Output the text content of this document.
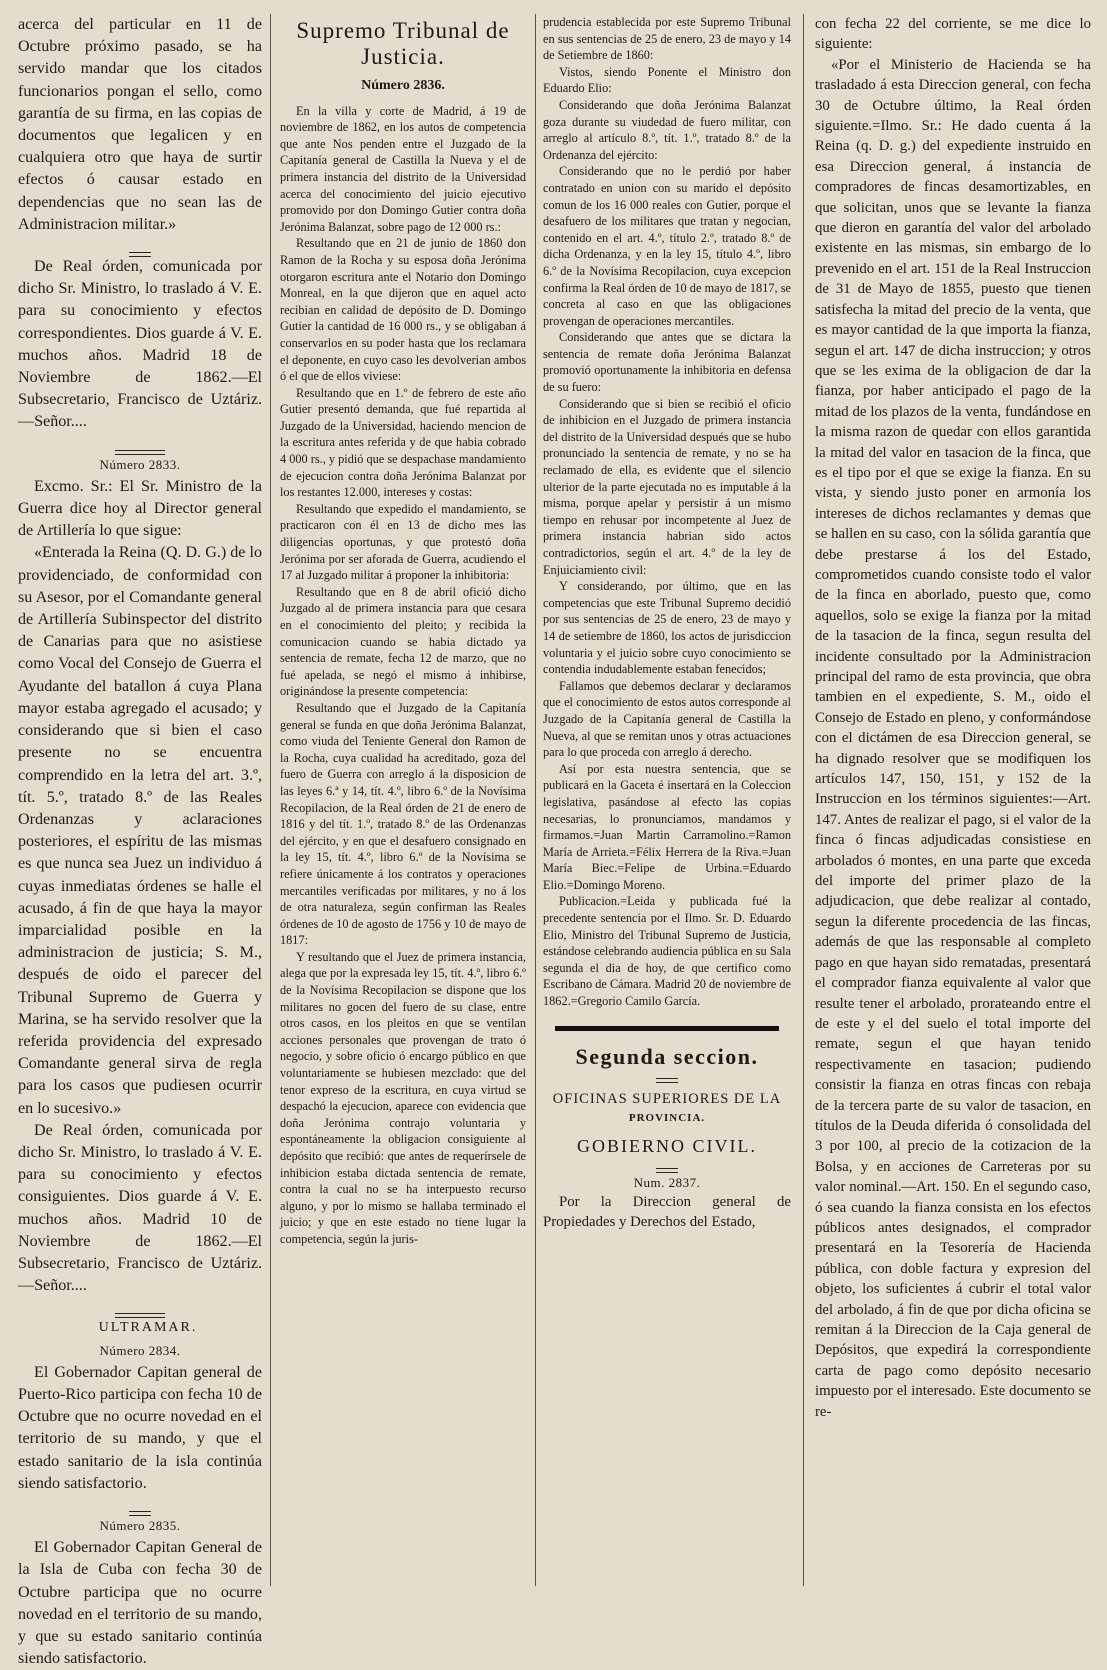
acerca del particular en 11 de Octubre próximo pasado, se ha servido mandar que los citados funcionarios pongan el sello, como garantía de su firma, en las copias de documentos que legalicen y en cualquiera otro que haya de surtir efectos ó causar estado en dependencias que no sean las de Administracion militar.»

De Real órden, comunicada por dicho Sr. Ministro, lo traslado á V. E. para su conocimiento y efectos correspondientes. Dios guarde á V. E. muchos años. Madrid 18 de Noviembre de 1862.—El Subsecretario, Francisco de Uztáriz.—Señor....

Número 2833.

Excmo. Sr.: El Sr. Ministro de la Guerra dice hoy al Director general de Artillería lo que sigue:

«Enterada la Reina (Q. D. G.) de lo providenciado, de conformidad con su Asesor, por el Comandante general de Artillería Subinspector del distrito de Canarias para que no asistiese como Vocal del Consejo de Guerra el Ayudante del batallon á cuya Plana mayor estaba agregado el acusado; y considerando que si bien el caso presente no se encuentra comprendido en la letra del art. 3.º, tít. 5.º, tratado 8.º de las Reales Ordenanzas y aclaraciones posteriores, el espíritu de las mismas es que nunca sea Juez un individuo á cuyas inmediatas órdenes se halle el acusado, á fin de que haya la mayor imparcialidad posible en la administracion de justicia; S. M., después de oido el parecer del Tribunal Supremo de Guerra y Marina, se ha servido resolver que la referida providencia del expresado Comandante general sirva de regla para los casos que pudiesen ocurrir en lo sucesivo.»

De Real órden, comunicada por dicho Sr. Ministro, lo traslado á V. E. para su conocimiento y efectos consiguientes. Dios guarde á V. E. muchos años. Madrid 10 de Noviembre de 1862.—El Subsecretario, Francisco de Uztáriz.—Señor....

ULTRAMAR.

Número 2834.

El Gobernador Capitan general de Puerto-Rico participa con fecha 10 de Octubre que no ocurre novedad en el territorio de su mando, y que el estado sanitario de la isla continúa siendo satisfactorio.

Número 2835.

El Gobernador Capitan General de la Isla de Cuba con fecha 30 de Octubre participa que no ocurre novedad en el territorio de su mando, y que su estado sanitario continúa siendo satisfactorio.

Supremo Tribunal de Justicia.
Número 2836.

En la villa y corte de Madrid, á 19 de noviembre de 1862, en los autos de competencia que ante Nos penden entre el Juzgado de la Capitanía general de Castilla la Nueva y el de primera instancia del distrito de la Universidad acerca del conocimiento del juicio ejecutivo promovido por don Domingo Gutier contra doña Jerónima Balanzat, sobre pago de 12 000 rs.:

Resultando que en 21 de junio de 1860 don Ramon de la Rocha y su esposa doña Jerónima otorgaron escritura ante el Notario don Domingo Monreal, en la que dijeron que en aquel acto recibian en calidad de depósito de D. Domingo Gutier la cantidad de 16 000 rs., y se obligaban á conservarlos en su poder hasta que los reclamara el deponente, en cuyo caso les devolverian ambos ó el que de ellos viviese:

Resultando que en 1.º de febrero de este año Gutier presentó demanda, que fué repartida al Juzgado de la Universidad, haciendo mencion de la escritura antes referida y de que habia cobrado 4 000 rs., y pidió que se despachase mandamiento de ejecucion contra doña Jerónima Balanzat por los restantes 12.000, intereses y costas:

Resultando que expedido el mandamiento, se practicaron con él en 13 de dicho mes las diligencias oportunas, y que protestó doña Jerónima por ser aforada de Guerra, acudiendo el 17 al Juzgado militar á proponer la inhibitoria:

Resultando que en 8 de abril ofició dicho Juzgado al de primera instancia para que cesara en el conocimiento del pleito; y recibida la comunicacion cuando se habia dictado ya sentencia de remate, fecha 12 de marzo, que no fué apelada, se negó el mismo á inhibirse, originándose la presente competencia:

Resultando que el Juzgado de la Capitanía general se funda en que doña Jerónima Balanzat, como viuda del Teniente General don Ramon de la Rocha, cuya cualidad ha acreditado, goza del fuero de Guerra con arreglo á la disposicion de las leyes 6.ª y 14, tít. 4.º, libro 6.º de la Novísima Recopilacion, de la Real órden de 21 de enero de 1816 y del tít. 1.º, tratado 8.º de las Ordenanzas del ejército, y en que el desafuero consignado en la ley 15, tít. 4.º, libro 6.º de la Novísima se refiere únicamente á los contratos y operaciones mercantiles verificadas por militares, y no á los de otra naturaleza, según confirman las Reales órdenes de 10 de agosto de 1756 y 10 de mayo de 1817:

Y resultando que el Juez de primera instancia, alega que por la expresada ley 15, tít. 4.º, libro 6.º de la Novísima Recopilacion se dispone que los militares no gocen del fuero de su clase, entre otros casos, en los pleitos en que se ventilan acciones personales que provengan de trato ó negocio, y sobre oficio ó encargo público en que voluntariamente se hubiesen mezclado: que del tenor expreso de la escritura, en cuya virtud se despachó la ejecucion, aparece con evidencia que doña Jerónima contrajo voluntaria y espontáneamente la obligacion consiguiente al depósito que recibió: que antes de requerírsele de inhibicion estaba dictada sentencia de remate, contra la cual no se ha interpuesto recurso alguno, y por lo mismo se hallaba terminado el juicio; y que en este estado no tiene lugar la competencia, según la juris-

prudencia establecida por este Supremo Tribunal en sus sentencias de 25 de enero, 23 de mayo y 14 de Setiembre de 1860:

Vistos, siendo Ponente el Ministro don Eduardo Elio:

Considerando que doña Jerónima Balanzat goza durante su viudedad de fuero militar, con arreglo al artículo 8.º, tít. 1.º, tratado 8.º de la Ordenanza del ejército:

Considerando que no le perdió por haber contratado en union con su marido el depósito comun de los 16 000 reales con Gutier, porque el desafuero de los militares que tratan y negocian, contenido en el art. 4.º, título 2.º, tratado 8.º de dicha Ordenanza, y en la ley 15, título 4.º, libro 6.º de la Novísima Recopilacion, cuya excepcion confirma la Real órden de 10 de mayo de 1817, se concreta al caso en que las obligaciones provengan de operaciones mercantiles.

Considerando que antes que se dictara la sentencia de remate doña Jerónima Balanzat promovió oportunamente la inhibitoria en defensa de su fuero:

Considerando que si bien se recibió el oficio de inhibicion en el Juzgado de primera instancia del distrito de la Universidad después que se hubo pronunciado la sentencia de remate, y no se ha reclamado de ella, es evidente que el silencio ulterior de la parte ejecutada no es imputable á la misma, porque apelar y persistir á un mismo tiempo en rehusar por incompetente al Juez de primera instancia habrian sido actos contradictorios, según el art. 4.º de la ley de Enjuiciamiento civil:

Y considerando, por último, que en las competencias que este Tribunal Supremo decidió por sus sentencias de 25 de enero, 23 de mayo y 14 de setiembre de 1860, los actos de jurisdiccion voluntaria y el juicio sobre cuyo conocimiento se contendia indudablemente estaban fenecidos;

Fallamos que debemos declarar y declaramos que el conocimiento de estos autos corresponde al Juzgado de la Capitanía general de Castilla la Nueva, al que se remitan unos y otras actuaciones para lo que proceda con arreglo á derecho.

Así por esta nuestra sentencia, que se publicará en la Gaceta é insertará en la Coleccion legislativa, pasándose al efecto las copias necesarias, lo pronunciamos, mandamos y firmamos.=Juan Martin Carramolino.=Ramon María de Arrieta.=Félix Herrera de la Riva.=Juan María Biec.=Felipe de Urbina.=Eduardo Elio.=Domingo Moreno.

Publicacion.=Leida y publicada fué la precedente sentencia por el Ilmo. Sr. D. Eduardo Elio, Ministro del Tribunal Supremo de Justicia, estándose celebrando audiencia pública en su Sala segunda el dia de hoy, de que certifico como Escribano de Cámara. Madrid 20 de noviembre de 1862.=Gregorio Camilo García.

Segunda seccion.
OFICINAS SUPERIORES DE LA
PROVINCIA.
GOBIERNO CIVIL.

Num. 2837.

Por la Direccion general de Propiedades y Derechos del Estado,

con fecha 22 del corriente, se me dice lo siguiente:

«Por el Ministerio de Hacienda se ha trasladado á esta Direccion general, con fecha 30 de Octubre último, la Real órden siguiente.=Ilmo. Sr.: He dado cuenta á la Reina (q. D. g.) del expediente instruido en esa Direccion general, á instancia de compradores de fincas desamortizables, en que solicitan, unos que se levante la fianza que dieron en garantía del valor del arbolado existente en las mismas, sin embargo de lo prevenido en el art. 151 de la Real Instruccion de 31 de Mayo de 1855, puesto que tienen satisfecha la mitad del precio de la venta, que es mayor cantidad de la que importa la fianza, segun el art. 147 de dicha instruccion; y otros que se les exima de la obligacion de dar la fianza, por haber anticipado el pago de la mitad de los plazos de la venta, fundándose en la misma razon de quedar con ellos garantida la mitad del valor en tasacion de la finca, que es el tipo por el que se exige la fianza. En su vista, y siendo justo poner en armonía los intereses de dichos reclamantes y demas que se hallen en su caso, con la sólida garantía que debe prestarse á los del Estado, comprometidos cuando consiste todo el valor de la finca en aborlado, puesto que, como aquellos, solo se exige la fianza por la mitad de la tasacion de la finca, segun resulta del incidente consultado por la Administracion principal del ramo de esta provincia, que obra tambien en el expediente, S. M., oido el Consejo de Estado en pleno, y conformándose con el dictámen de esa Direccion general, se ha dignado resolver que se modifiquen los artículos 147, 150, 151, y 152 de la Instruccion en los términos siguientes:—Art. 147. Antes de realizar el pago, si el valor de la finca ó fincas adjudicadas consistiese en arbolados ó montes, en una parte que exceda del importe del primer plazo de la adjudicacion, que debe realizar al contado, segun la diferente procedencia de las fincas, además de que las responsable al completo pago en que hayan sido rematadas, presentará el comprador fianza equivalente al valor que resulte tener el arbolado, prorateando entre el de este y el del suelo el total importe del remate, segun el que hayan tenido respectivamente en tasacion; pudiendo consistir la fianza en otras fincas con rebaja de la tercera parte de su valor de tasacion, en títulos de la Deuda diferida ó consolidada del 3 por 100, al precio de la cotizacion de la Bolsa, y en acciones de Carreteras por su valor nominal.—Art. 150. En el segundo caso, ó sea cuando la fianza consista en los efectos públicos antes designados, el comprador presentará en la Tesorería de Hacienda pública, con doble factura y expresion del objeto, los suficientes á cubrir el total valor del arbolado, á fin de que por dicha oficina se remitan á la Direccion de la Caja general de Depósitos, que expedirá la correspondiente carta de pago como depósito necesario impuesto por el interesado. Este documento se re-
